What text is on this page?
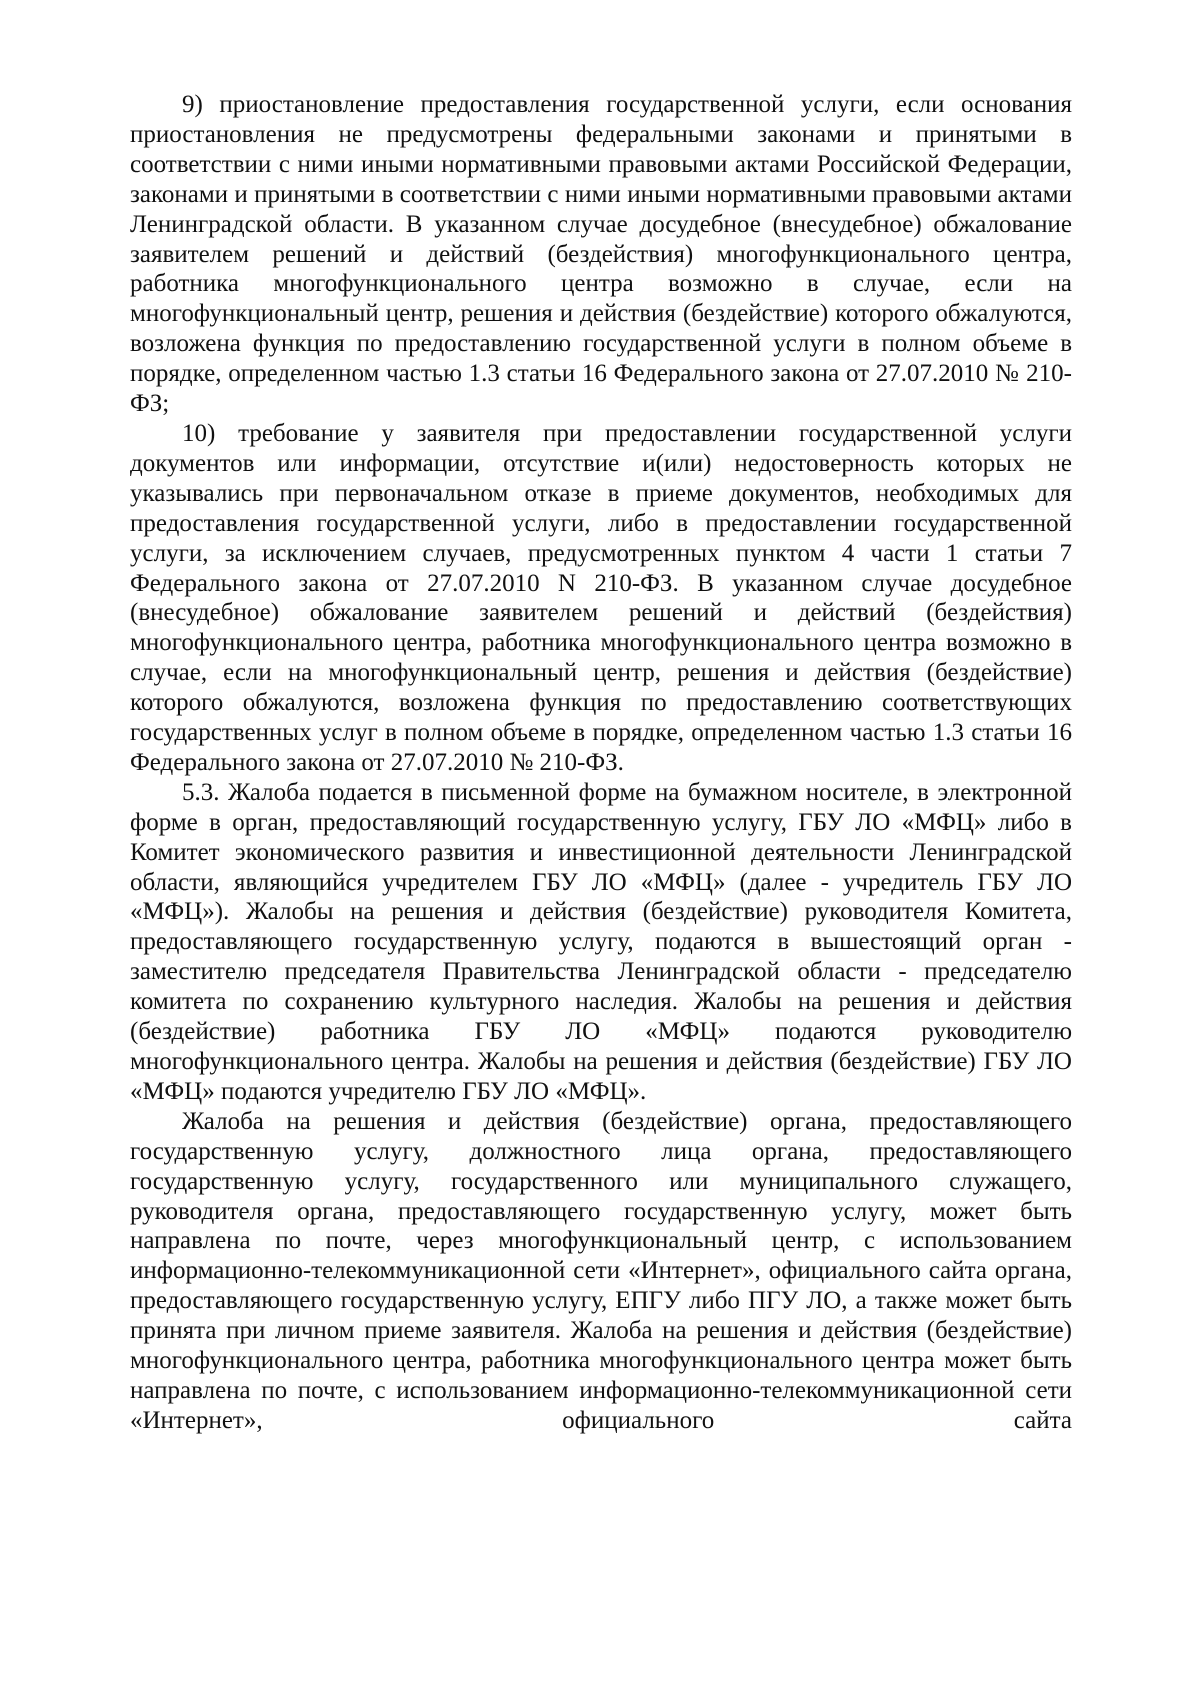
9) приостановление предоставления государственной услуги, если основания приостановления не предусмотрены федеральными законами и принятыми в соответствии с ними иными нормативными правовыми актами Российской Федерации, законами и принятыми в соответствии с ними иными нормативными правовыми актами Ленинградской области. В указанном случае досудебное (внесудебное) обжалование заявителем решений и действий (бездействия) многофункционального центра, работника многофункционального центра возможно в случае, если на многофункциональный центр, решения и действия (бездействие) которого обжалуются, возложена функция по предоставлению государственной услуги в полном объеме в порядке, определенном частью 1.3 статьи 16 Федерального закона от 27.07.2010 № 210-ФЗ;

10) требование у заявителя при предоставлении государственной услуги документов или информации, отсутствие и(или) недостоверность которых не указывались при первоначальном отказе в приеме документов, необходимых для предоставления государственной услуги, либо в предоставлении государственной услуги, за исключением случаев, предусмотренных пунктом 4 части 1 статьи 7 Федерального закона от 27.07.2010 N 210-ФЗ. В указанном случае досудебное (внесудебное) обжалование заявителем решений и действий (бездействия) многофункционального центра, работника многофункционального центра возможно в случае, если на многофункциональный центр, решения и действия (бездействие) которого обжалуются, возложена функция по предоставлению соответствующих государственных услуг в полном объеме в порядке, определенном частью 1.3 статьи 16 Федерального закона от 27.07.2010 № 210-ФЗ.

5.3. Жалоба подается в письменной форме на бумажном носителе, в электронной форме в орган, предоставляющий государственную услугу, ГБУ ЛО «МФЦ» либо в Комитет экономического развития и инвестиционной деятельности Ленинградской области, являющийся учредителем ГБУ ЛО «МФЦ» (далее - учредитель ГБУ ЛО «МФЦ»). Жалобы на решения и действия (бездействие) руководителя Комитета, предоставляющего государственную услугу, подаются в вышестоящий орган - заместителю председателя Правительства Ленинградской области - председателю комитета по сохранению культурного наследия. Жалобы на решения и действия (бездействие) работника ГБУ ЛО «МФЦ» подаются руководителю многофункционального центра. Жалобы на решения и действия (бездействие) ГБУ ЛО «МФЦ» подаются учредителю ГБУ ЛО «МФЦ».

Жалоба на решения и действия (бездействие) органа, предоставляющего государственную услугу, должностного лица органа, предоставляющего государственную услугу, государственного или муниципального служащего, руководителя органа, предоставляющего государственную услугу, может быть направлена по почте, через многофункциональный центр, с использованием информационно-телекоммуникационной сети «Интернет», официального сайта органа, предоставляющего государственную услугу, ЕПГУ либо ПГУ ЛО, а также может быть принята при личном приеме заявителя. Жалоба на решения и действия (бездействие) многофункционального центра, работника многофункционального центра может быть направлена по почте, с использованием информационно-телекоммуникационной сети «Интернет», официального сайта
